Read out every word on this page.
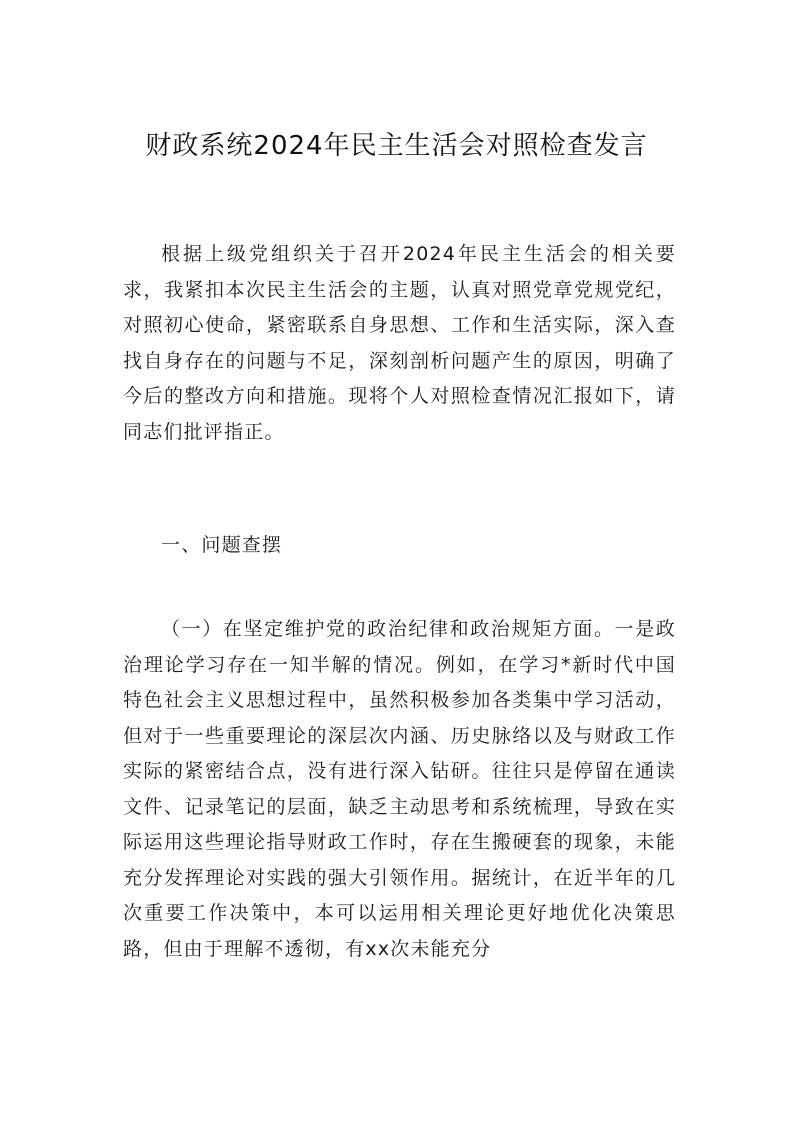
财政系统2024年民主生活会对照检查发言

根据上级党组织关于召开2024年民主生活会的相关要求，我紧扣本次民主生活会的主题，认真对照党章党规党纪，对照初心使命，紧密联系自身思想、工作和生活实际，深入查找自身存在的问题与不足，深刻剖析问题产生的原因，明确了今后的整改方向和措施。现将个人对照检查情况汇报如下，请同志们批评指正。

一、问题查摆

（一）在坚定维护党的政治纪律和政治规矩方面。一是政治理论学习存在一知半解的情况。例如，在学习*新时代中国特色社会主义思想过程中，虽然积极参加各类集中学习活动，但对于一些重要理论的深层次内涵、历史脉络以及与财政工作实际的紧密结合点，没有进行深入钻研。往往只是停留在通读文件、记录笔记的层面，缺乏主动思考和系统梳理，导致在实际运用这些理论指导财政工作时，存在生搬硬套的现象，未能充分发挥理论对实践的强大引领作用。据统计，在近半年的几次重要工作决策中，本可以运用相关理论更好地优化决策思路，但由于理解不透彻，有xx次未能充分
